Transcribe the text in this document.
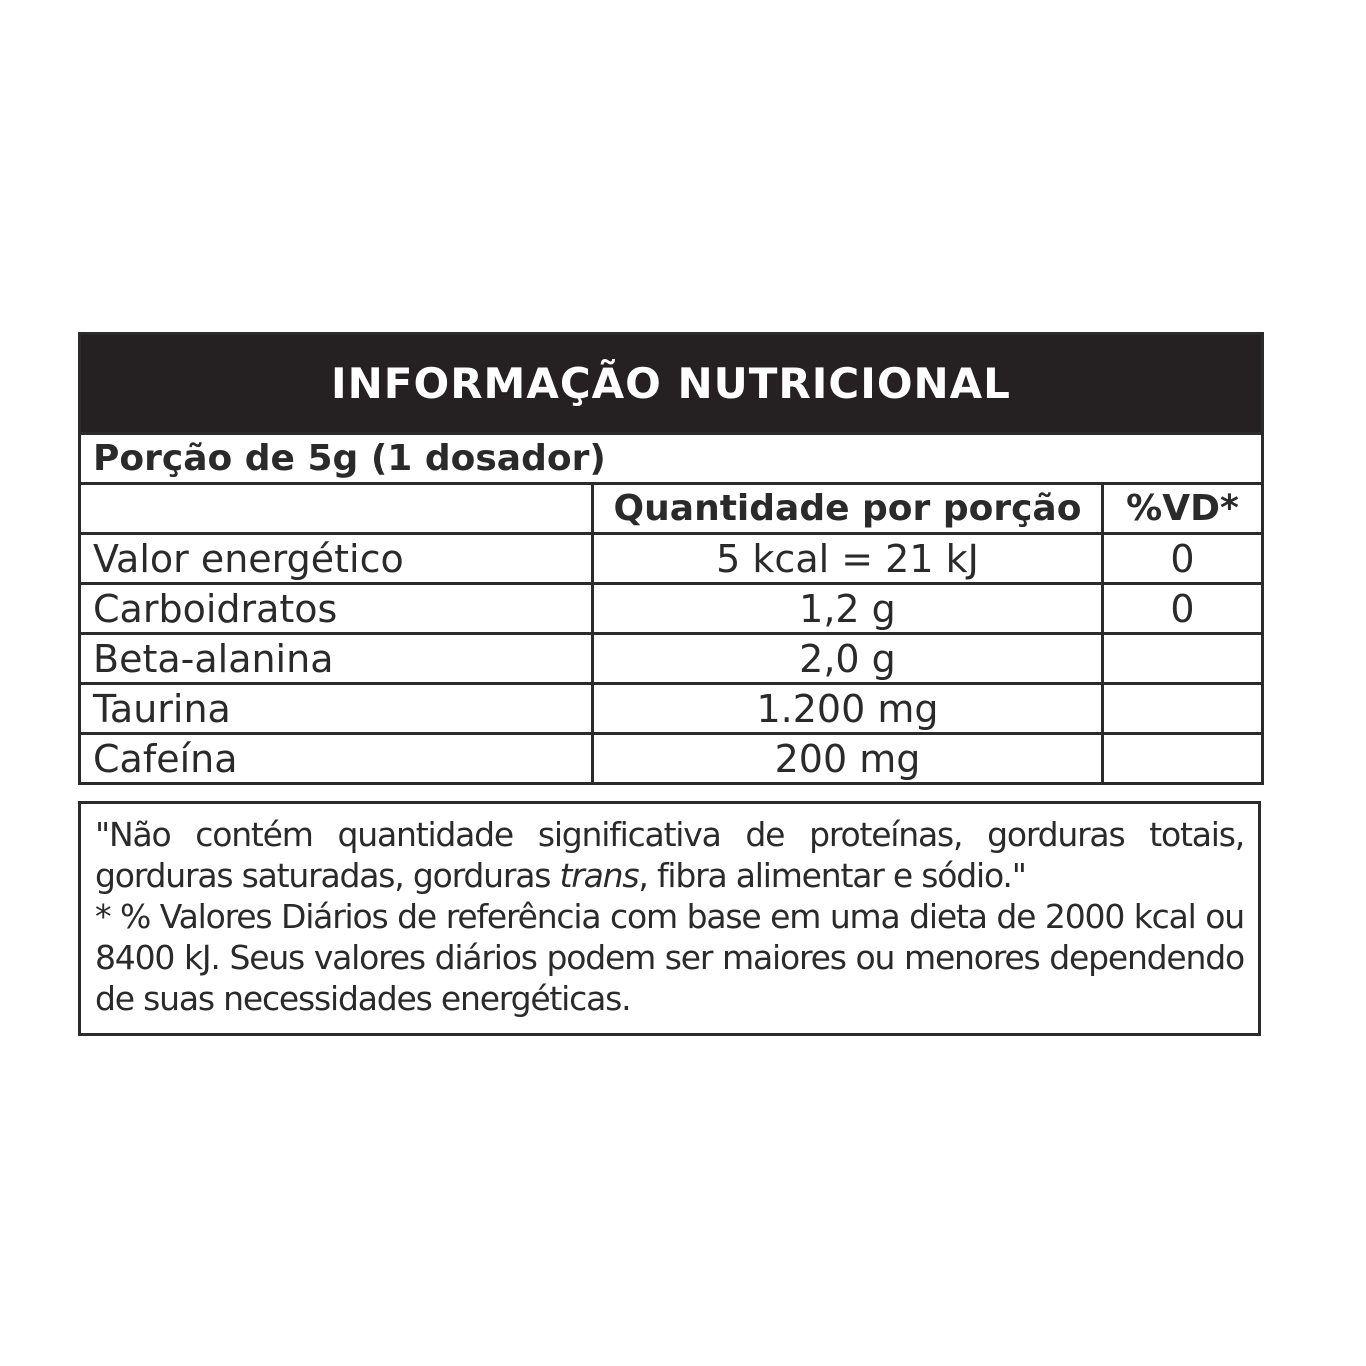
INFORMAÇÃO NUTRICIONAL		
Porção de 5g (1 dosador)		
	Quantidade por porção	%VD*
Valor energético	5 kcal = 21 kJ	0
Carboidratos	1,2 g	0
Beta-alanina	2,0 g	
Taurina	1.200 mg	
Cafeína	200 mg	

"Não contém quantidade significativa de proteínas, gorduras totais, gorduras saturadas, gorduras trans, fibra alimentar e sódio."

* % Valores Diários de referência com base em uma dieta de 2000 kcal ou 8400 kJ. Seus valores diários podem ser maiores ou menores dependendo de suas necessidades energéticas.
